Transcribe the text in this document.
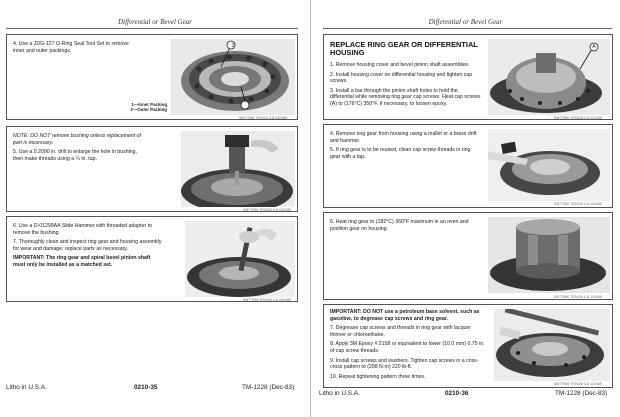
Differential or Bevel Gear
4. Use a JDG-127 O-Ring Seal Tool Set to remove inner and outer packings.
1—Inner Packing
2—Outer Packing
2
SM77936 TR0426 4-8 030485

NOTE: DO NOT remove bushing unless replacement of part is necessary.

5. Use a 0.2090 in. drill to enlarge the hole in bushing, then make threads using a ¼ in. tap.

SM77936 TR0426 4-8 030485

6. Use a D-01299AA Slide Hammer with threaded adapter to remove the bushing.

7. Thoroughly clean and inspect ring gear and housing assembly for wear and damage; replace parts as necessary.

IMPORTANT: The ring gear and spiral bevel pinion shaft must only be installed as a matched set.

SM77936 TR0426 4-8 030485
Litho in U.S.A.	0210-35	TM-1228 (Dec-83)
Differential or Bevel Gear
REPLACE RING GEAR OR DIFFERENTIAL HOUSING

1. Remove housing cover and bevel pinion shaft assemblies.

2. Install housing cover on differential housing and tighten cap screws.

3. Install a bar through the pinion shaft holes to hold the differential while removing ring gear cap screws. Heat cap screws (A) to (176°C) 350°F, if necessary, to loosen epoxy.

A
SM77980 TR0426 4-8 110485

4. Remove ring gear from housing using a mallet or a brass drift and hammer.

5. If ring gear is to be reused, clean cap screw threads in ring gear with a tap.

SM77980 TR0426 4-8 110485
6. Heat ring gear to (182°C) 360°F maximum in an oven and position gear on housing.
SM77980 TR0426 4-8 110485

IMPORTANT: DO NOT use a petroleum base solvent, such as gasoline, to degrease cap screws and ring gear.

7. Degrease cap screws and threads in ring gear with lacquer thinner or chloroethane.

8. Apply 3M Epoxy # 2158 or equivalent to lower (10.0 mm) 0.75 in. of cap screw threads.

9. Install cap screws and washers. Tighten cap screws in a criss-cross pattern to (298 N·m) 220 lb-ft.

10. Repeat tightening pattern three times.

SM77980 TR0426 4-8 110485
Litho in U.S.A.	0210-36	TM-1228 (Dec-83)
